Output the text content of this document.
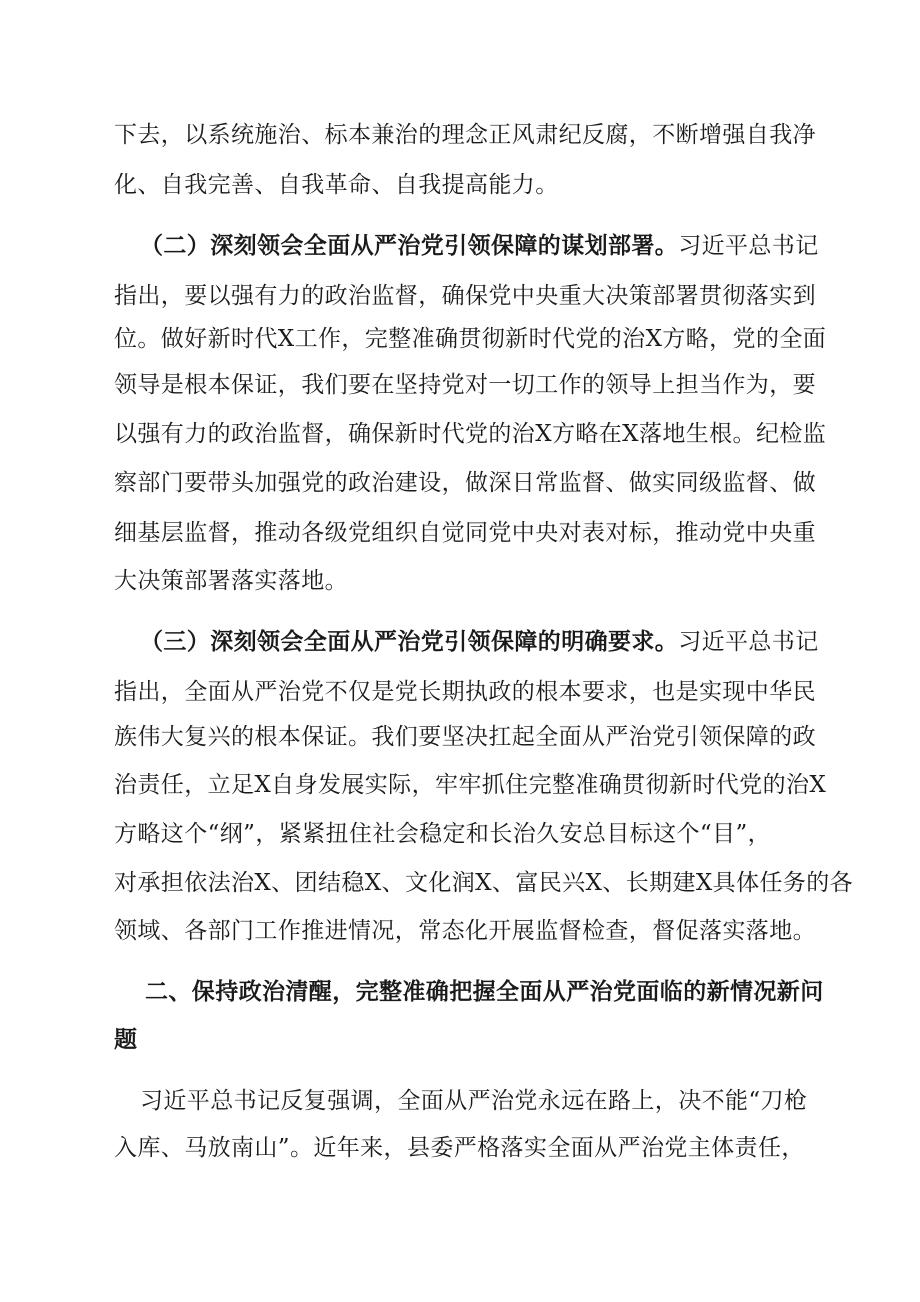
下去，以系统施治、标本兼治的理念正风肃纪反腐，不断增强自我净
化、自我完善、自我革命、自我提高能力。
（二）深刻领会全面从严治党引领保障的谋划部署。习近平总书记
指出，要以强有力的政治监督，确保党中央重大决策部署贯彻落实到
位。做好新时代X工作，完整准确贯彻新时代党的治X方略，党的全面
领导是根本保证，我们要在坚持党对一切工作的领导上担当作为，要
以强有力的政治监督，确保新时代党的治X方略在X落地生根。纪检监
察部门要带头加强党的政治建设，做深日常监督、做实同级监督、做
细基层监督，推动各级党组织自觉同党中央对表对标，推动党中央重
大决策部署落实落地。
（三）深刻领会全面从严治党引领保障的明确要求。习近平总书记
指出，全面从严治党不仅是党长期执政的根本要求，也是实现中华民
族伟大复兴的根本保证。我们要坚决扛起全面从严治党引领保障的政
治责任，立足X自身发展实际，牢牢抓住完整准确贯彻新时代党的治X
方略这个“纲”，紧紧扭住社会稳定和长治久安总目标这个“目”，
对承担依法治X、团结稳X、文化润X、富民兴X、长期建X具体任务的各
领域、各部门工作推进情况，常态化开展监督检查，督促落实落地。
二、保持政治清醒，完整准确把握全面从严治党面临的新情况新问
题
习近平总书记反复强调，全面从严治党永远在路上，决不能“刀枪
入库、马放南山”。近年来，县委严格落实全面从严治党主体责任，
